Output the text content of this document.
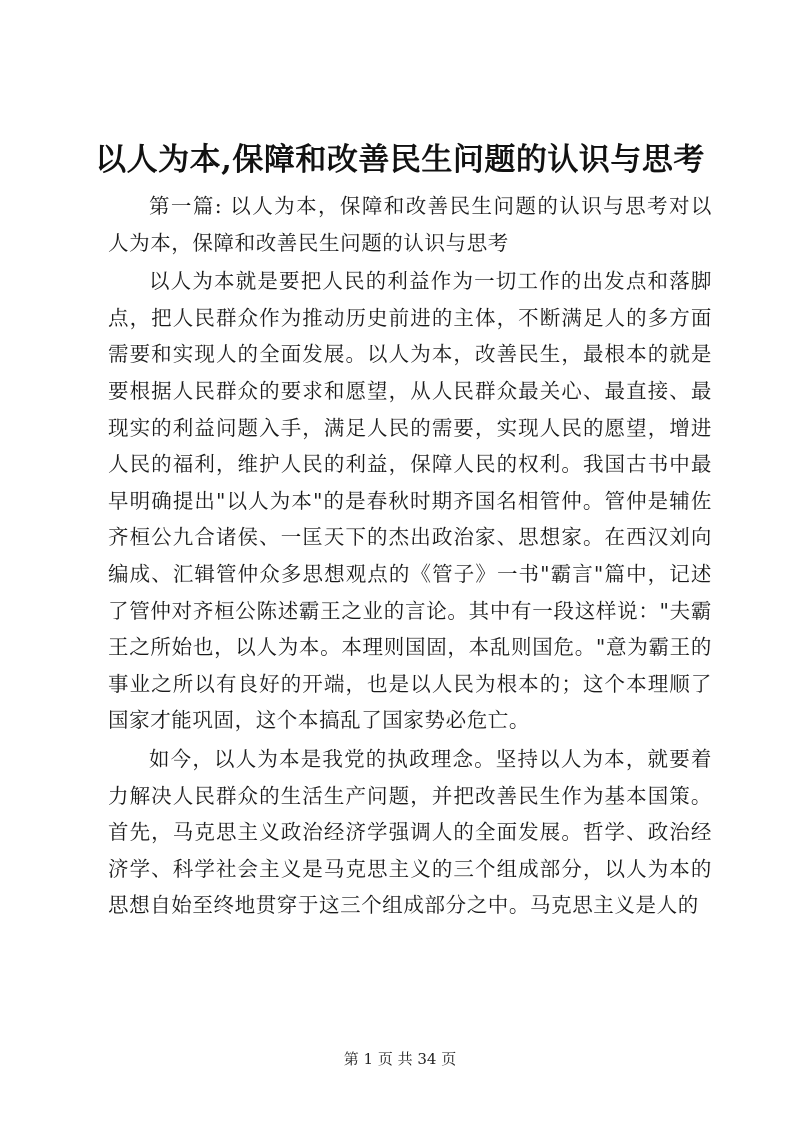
以人为本,保障和改善民生问题的认识与思考

第一篇: 以人为本，保障和改善民生问题的认识与思考对以人为本，保障和改善民生问题的认识与思考

以人为本就是要把人民的利益作为一切工作的出发点和落脚点，把人民群众作为推动历史前进的主体，不断满足人的多方面需要和实现人的全面发展。以人为本，改善民生，最根本的就是要根据人民群众的要求和愿望，从人民群众最关心、最直接、最现实的利益问题入手，满足人民的需要，实现人民的愿望，增进人民的福利，维护人民的利益，保障人民的权利。我国古书中最早明确提出"以人为本"的是春秋时期齐国名相管仲。管仲是辅佐齐桓公九合诸侯、一匡天下的杰出政治家、思想家。在西汉刘向编成、汇辑管仲众多思想观点的《管子》一书"霸言"篇中，记述了管仲对齐桓公陈述霸王之业的言论。其中有一段这样说："夫霸王之所始也，以人为本。本理则国固，本乱则国危。"意为霸王的事业之所以有良好的开端，也是以人民为根本的；这个本理顺了国家才能巩固，这个本搞乱了国家势必危亡。

如今，以人为本是我党的执政理念。坚持以人为本，就要着力解决人民群众的生活生产问题，并把改善民生作为基本国策。首先，马克思主义政治经济学强调人的全面发展。哲学、政治经济学、科学社会主义是马克思主义的三个组成部分，以人为本的思想自始至终地贯穿于这三个组成部分之中。马克思主义是人的

第 1 页 共 34 页
